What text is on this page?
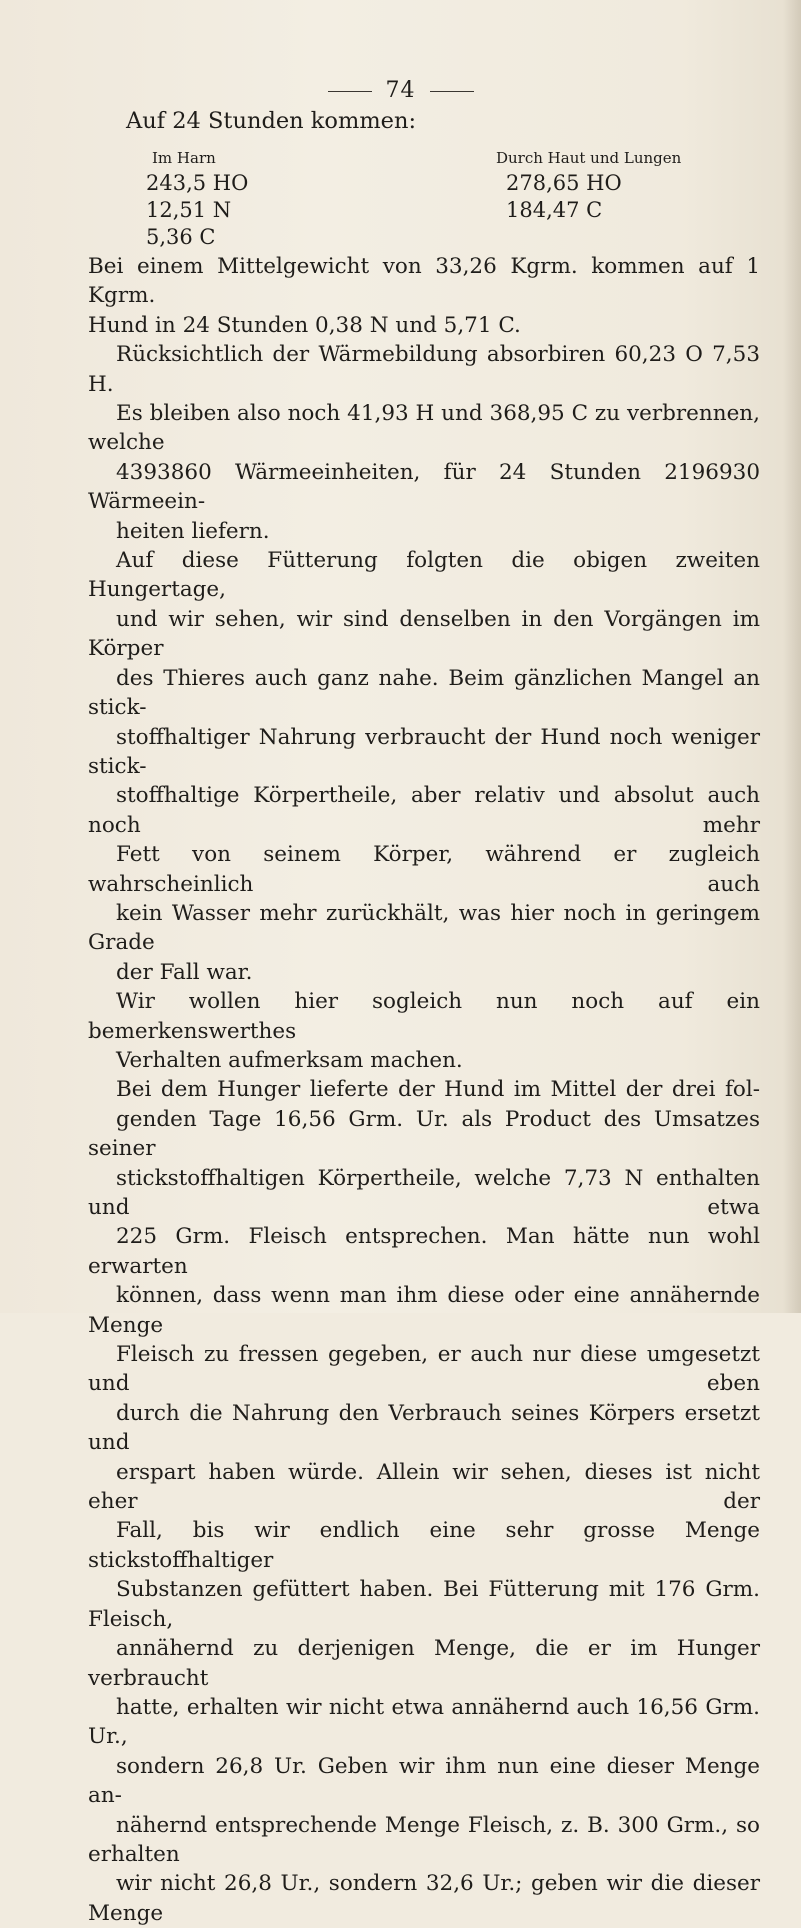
74
Auf 24 Stunden kommen:
Im Harn
243,5 HO
12,51 N
5,36 C
Durch Haut und Lungen
278,65 HO
184,47 C

Bei einem Mittelgewicht von 33,26 Kgrm. kommen auf 1 Kgrm.
Hund in 24 Stunden 0,38 N und 5,71 C.

Rücksichtlich der Wärmebildung absorbiren 60,23 O 7,53 H.
Es bleiben also noch 41,93 H und 368,95 C zu verbrennen, welche
4393860 Wärmeeinheiten, für 24 Stunden 2196930 Wärmeein-
heiten liefern.

Auf diese Fütterung folgten die obigen zweiten Hungertage,
und wir sehen, wir sind denselben in den Vorgängen im Körper
des Thieres auch ganz nahe. Beim gänzlichen Mangel an stick-
stoffhaltiger Nahrung verbraucht der Hund noch weniger stick-
stoffhaltige Körpertheile, aber relativ und absolut auch noch mehr
Fett von seinem Körper, während er zugleich wahrscheinlich auch
kein Wasser mehr zurückhält, was hier noch in geringem Grade
der Fall war.

Wir wollen hier sogleich nun noch auf ein bemerkenswerthes
Verhalten aufmerksam machen.

Bei dem Hunger lieferte der Hund im Mittel der drei fol-
genden Tage 16,56 Grm. Ur. als Product des Umsatzes seiner
stickstoffhaltigen Körpertheile, welche 7,73 N enthalten und etwa
225 Grm. Fleisch entsprechen. Man hätte nun wohl erwarten
können, dass wenn man ihm diese oder eine annähernde Menge
Fleisch zu fressen gegeben, er auch nur diese umgesetzt und eben
durch die Nahrung den Verbrauch seines Körpers ersetzt und
erspart haben würde. Allein wir sehen, dieses ist nicht eher der
Fall, bis wir endlich eine sehr grosse Menge stickstoffhaltiger
Substanzen gefüttert haben. Bei Fütterung mit 176 Grm. Fleisch,
annähernd zu derjenigen Menge, die er im Hunger verbraucht
hatte, erhalten wir nicht etwa annähernd auch 16,56 Grm. Ur.,
sondern 26,8 Ur. Geben wir ihm nun eine dieser Menge an-
nähernd entsprechende Menge Fleisch, z. B. 300 Grm., so erhalten
wir nicht 26,8 Ur., sondern 32,6 Ur.; geben wir die dieser Menge
